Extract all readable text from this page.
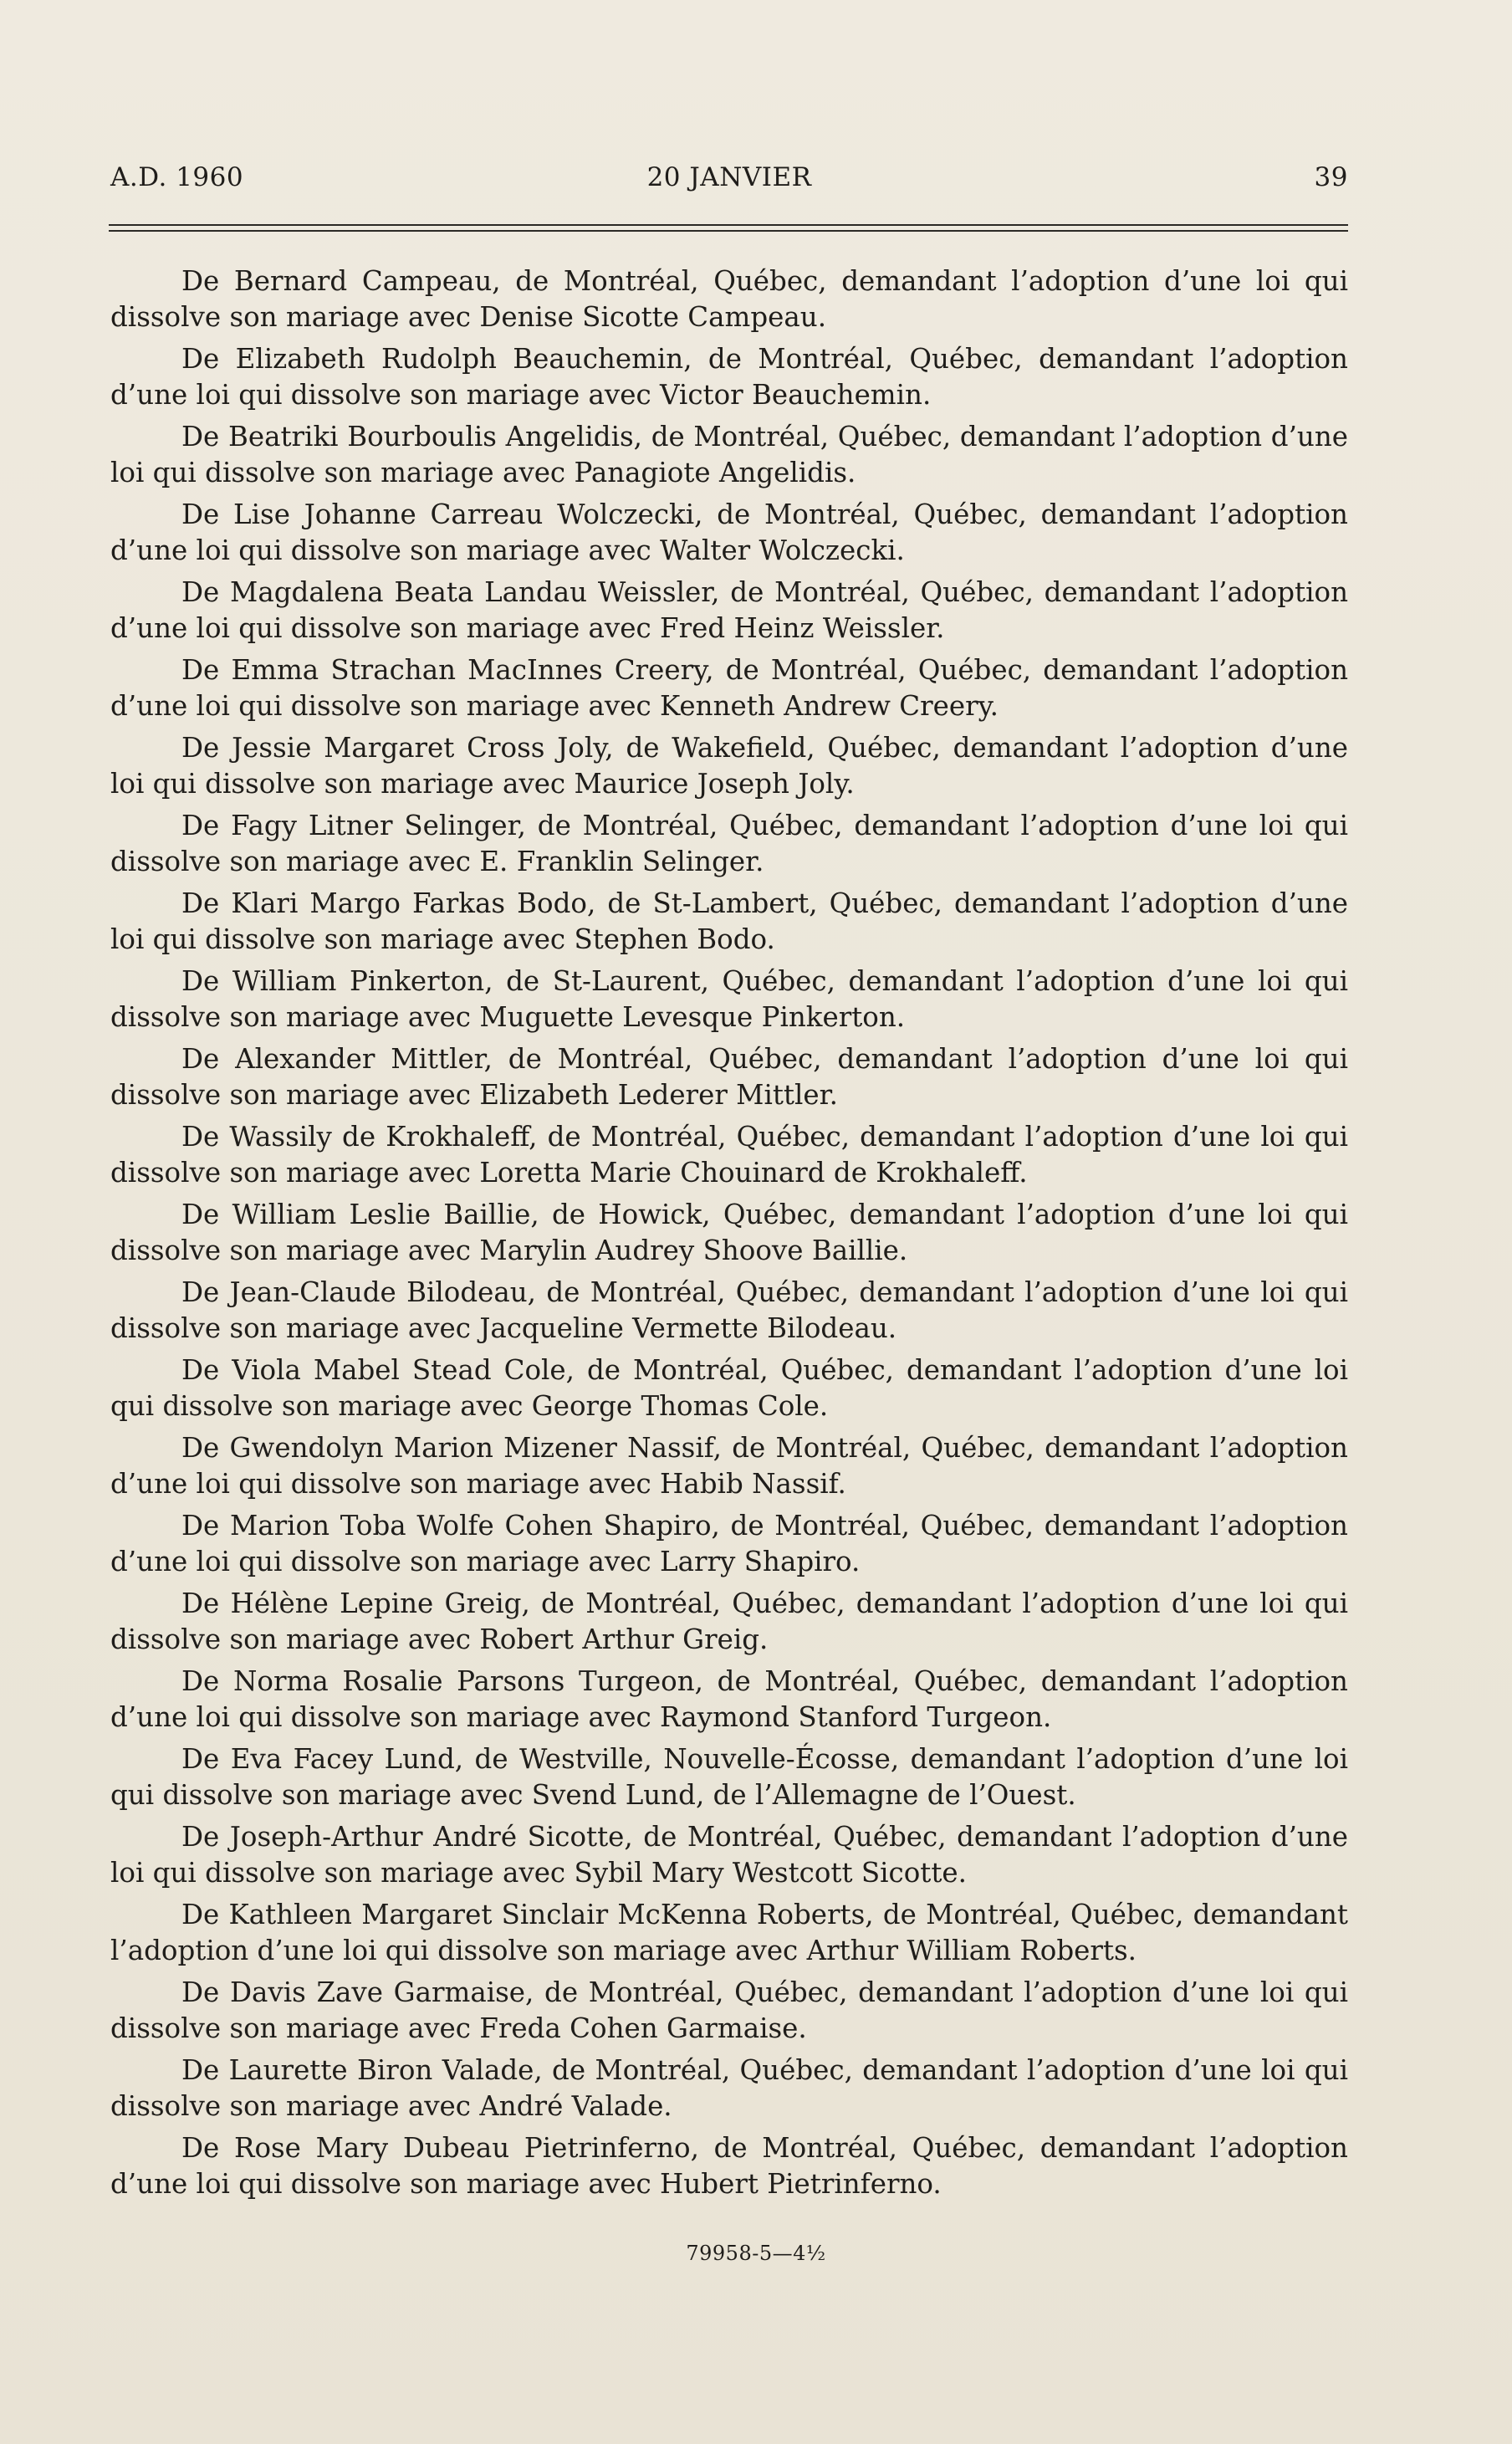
A.D. 1960	20 JANVIER	39

De Bernard Campeau, de Montréal, Québec, demandant l’adoption d’une loi qui dissolve son mariage avec Denise Sicotte Campeau.

De Elizabeth Rudolph Beauchemin, de Montréal, Québec, demandant l’adoption d’une loi qui dissolve son mariage avec Victor Beauchemin.

De Beatriki Bourboulis Angelidis, de Montréal, Québec, demandant l’adoption d’une loi qui dissolve son mariage avec Panagiote Angelidis.

De Lise Johanne Carreau Wolczecki, de Montréal, Québec, demandant l’adoption d’une loi qui dissolve son mariage avec Walter Wolczecki.

De Magdalena Beata Landau Weissler, de Montréal, Québec, demandant l’adoption d’une loi qui dissolve son mariage avec Fred Heinz Weissler.

De Emma Strachan MacInnes Creery, de Montréal, Québec, demandant l’adoption d’une loi qui dissolve son mariage avec Kenneth Andrew Creery.

De Jessie Margaret Cross Joly, de Wakefield, Québec, demandant l’adoption d’une loi qui dissolve son mariage avec Maurice Joseph Joly.

De Fagy Litner Selinger, de Montréal, Québec, demandant l’adoption d’une loi qui dissolve son mariage avec E. Franklin Selinger.

De Klari Margo Farkas Bodo, de St-Lambert, Québec, demandant l’adoption d’une loi qui dissolve son mariage avec Stephen Bodo.

De William Pinkerton, de St-Laurent, Québec, demandant l’adoption d’une loi qui dissolve son mariage avec Muguette Levesque Pinkerton.

De Alexander Mittler, de Montréal, Québec, demandant l’adoption d’une loi qui dissolve son mariage avec Elizabeth Lederer Mittler.

De Wassily de Krokhaleff, de Montréal, Québec, demandant l’adoption d’une loi qui dissolve son mariage avec Loretta Marie Chouinard de Krokhaleff.

De William Leslie Baillie, de Howick, Québec, demandant l’adoption d’une loi qui dissolve son mariage avec Marylin Audrey Shoove Baillie.

De Jean-Claude Bilodeau, de Montréal, Québec, demandant l’adoption d’une loi qui dissolve son mariage avec Jacqueline Vermette Bilodeau.

De Viola Mabel Stead Cole, de Montréal, Québec, demandant l’adoption d’une loi qui dissolve son mariage avec George Thomas Cole.

De Gwendolyn Marion Mizener Nassif, de Montréal, Québec, demandant l’adoption d’une loi qui dissolve son mariage avec Habib Nassif.

De Marion Toba Wolfe Cohen Shapiro, de Montréal, Québec, demandant l’adoption d’une loi qui dissolve son mariage avec Larry Shapiro.

De Hélène Lepine Greig, de Montréal, Québec, demandant l’adoption d’une loi qui dissolve son mariage avec Robert Arthur Greig.

De Norma Rosalie Parsons Turgeon, de Montréal, Québec, demandant l’adoption d’une loi qui dissolve son mariage avec Raymond Stanford Turgeon.

De Eva Facey Lund, de Westville, Nouvelle-Écosse, demandant l’adoption d’une loi qui dissolve son mariage avec Svend Lund, de l’Allemagne de l’Ouest.

De Joseph-Arthur André Sicotte, de Montréal, Québec, demandant l’adoption d’une loi qui dissolve son mariage avec Sybil Mary Westcott Sicotte.

De Kathleen Margaret Sinclair McKenna Roberts, de Montréal, Québec, demandant l’adoption d’une loi qui dissolve son mariage avec Arthur William Roberts.

De Davis Zave Garmaise, de Montréal, Québec, demandant l’adoption d’une loi qui dissolve son mariage avec Freda Cohen Garmaise.

De Laurette Biron Valade, de Montréal, Québec, demandant l’adoption d’une loi qui dissolve son mariage avec André Valade.

De Rose Mary Dubeau Pietrinferno, de Montréal, Québec, demandant l’adoption d’une loi qui dissolve son mariage avec Hubert Pietrinferno.

79958-5—4½
